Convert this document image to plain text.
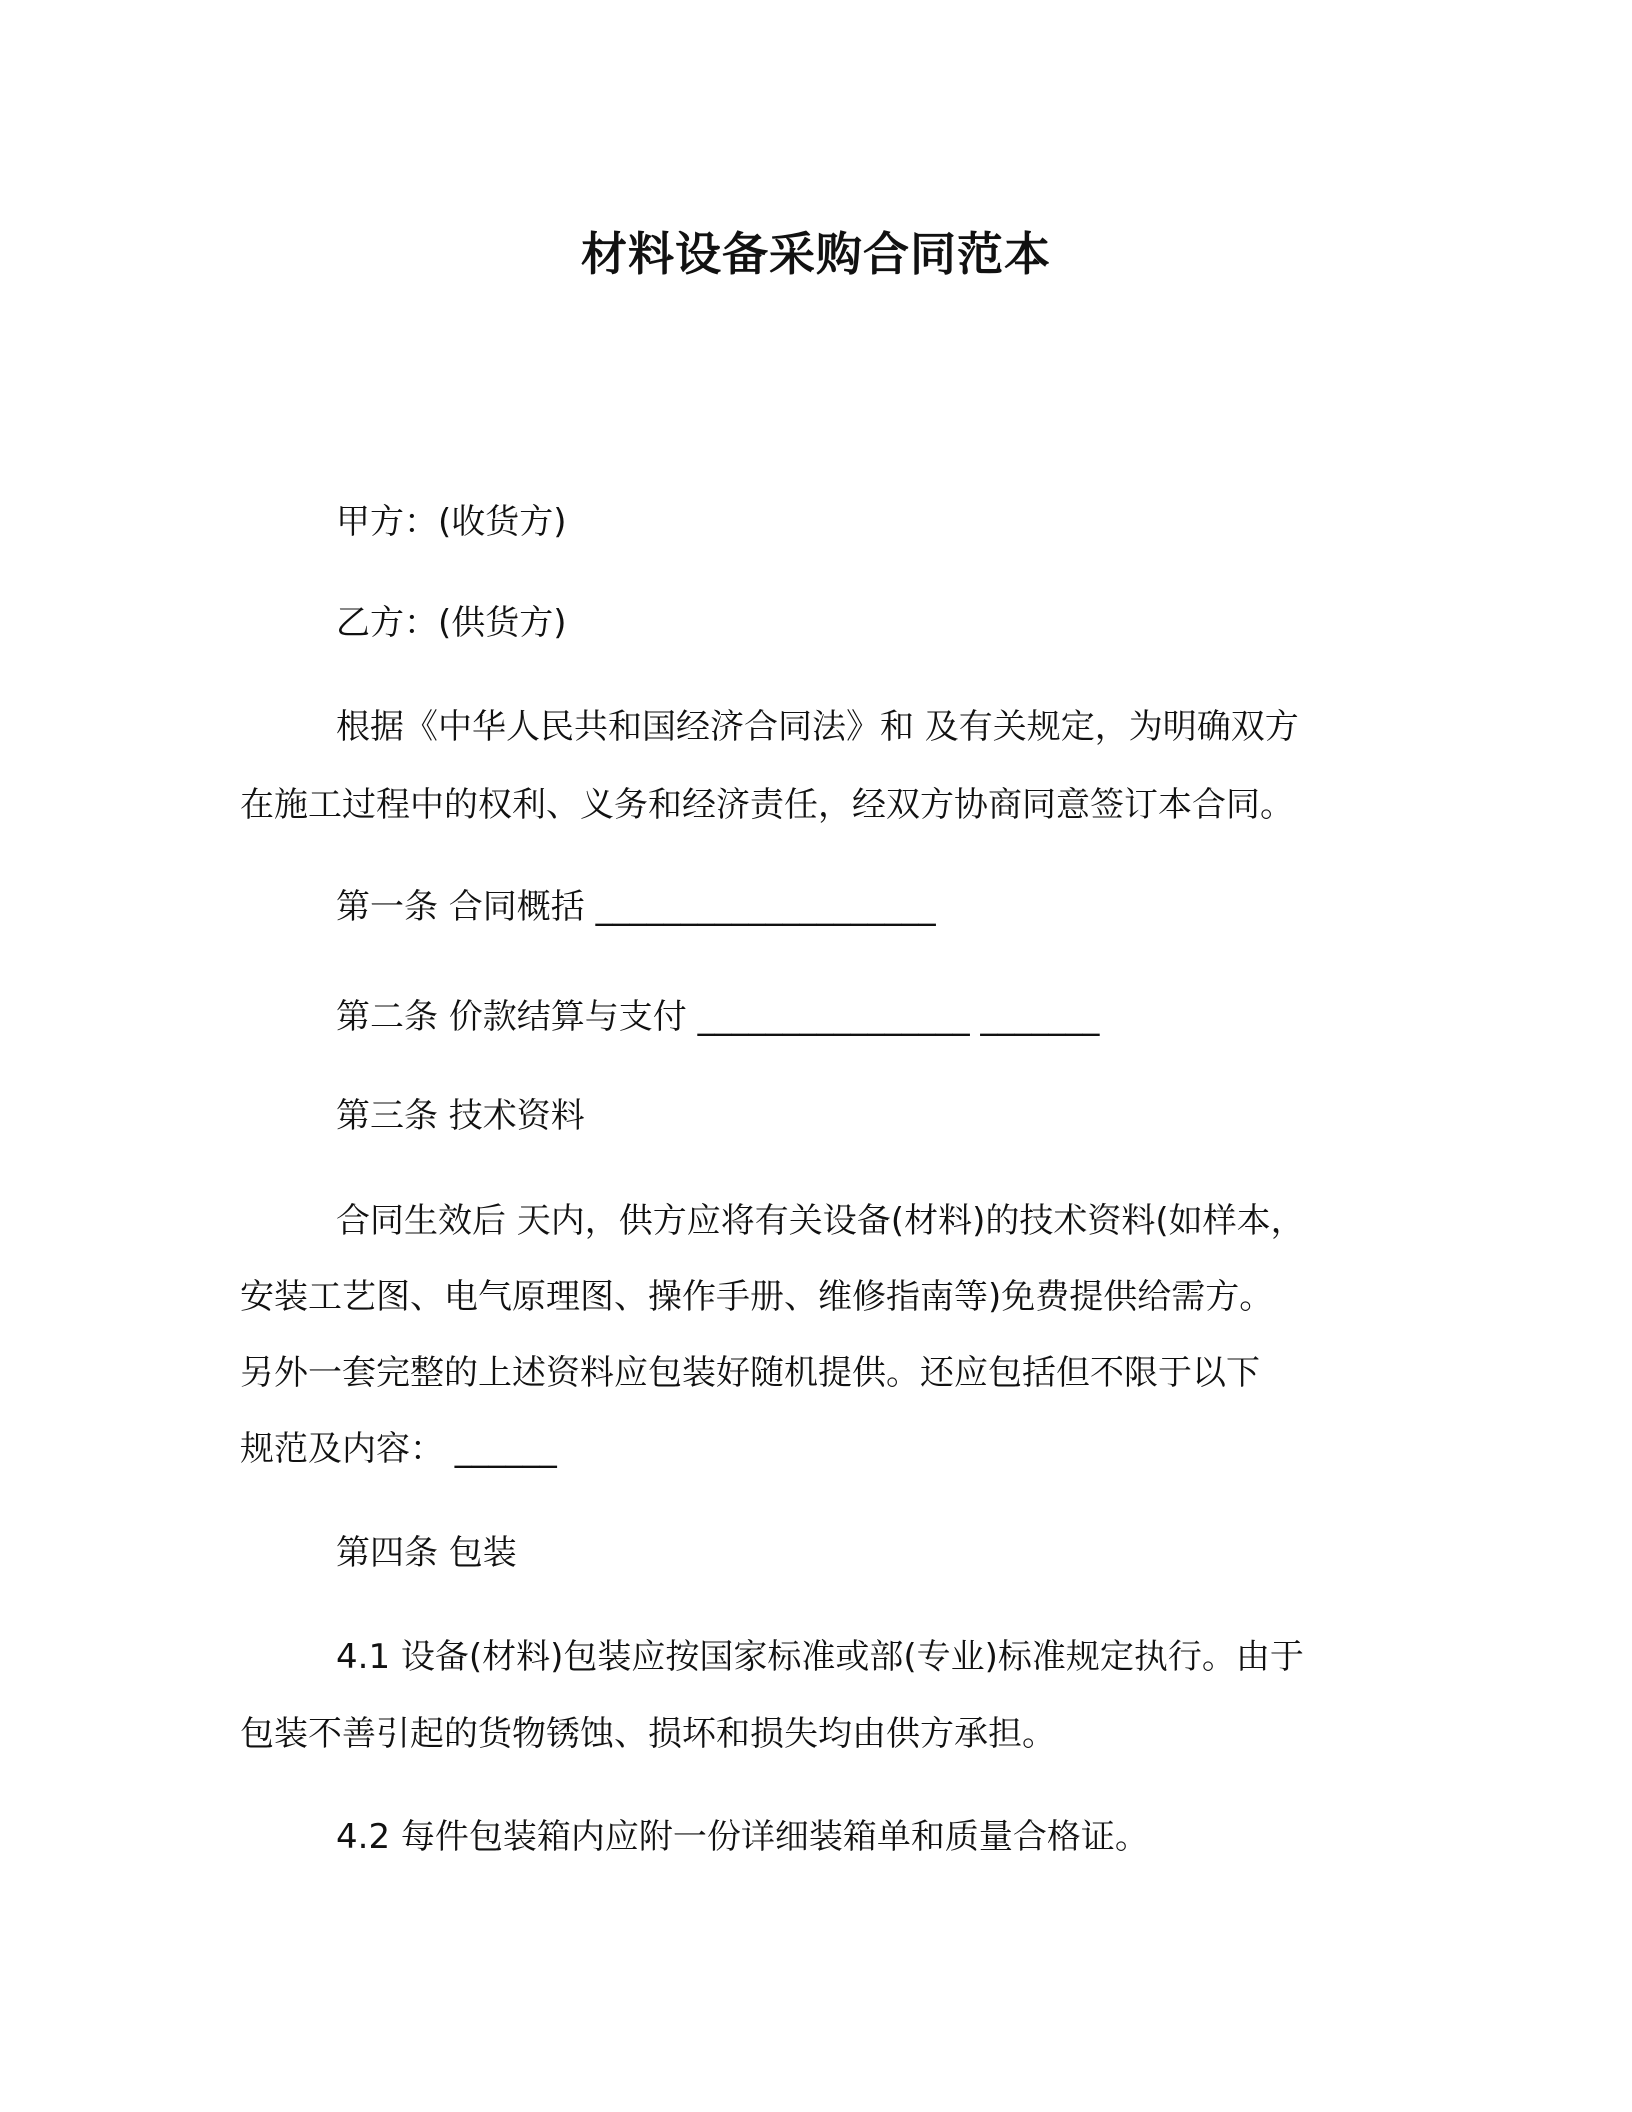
材料设备采购合同范本
甲方：(收货方)
乙方：(供货方)
根据《中华人民共和国经济合同法》和 及有关规定，为明确双方
在施工过程中的权利、义务和经济责任，经双方协商同意签订本合同。
第一条 合同概括 ____________________
第二条 价款结算与支付 ________________ _______
第三条 技术资料
合同生效后 天内，供方应将有关设备(材料)的技术资料(如样本，
安装工艺图、电气原理图、操作手册、维修指南等)免费提供给需方。
另外一套完整的上述资料应包装好随机提供。还应包括但不限于以下
规范及内容： ______
第四条 包装
4.1 设备(材料)包装应按国家标准或部(专业)标准规定执行。由于
包装不善引起的货物锈蚀、损坏和损失均由供方承担。
4.2 每件包装箱内应附一份详细装箱单和质量合格证。
